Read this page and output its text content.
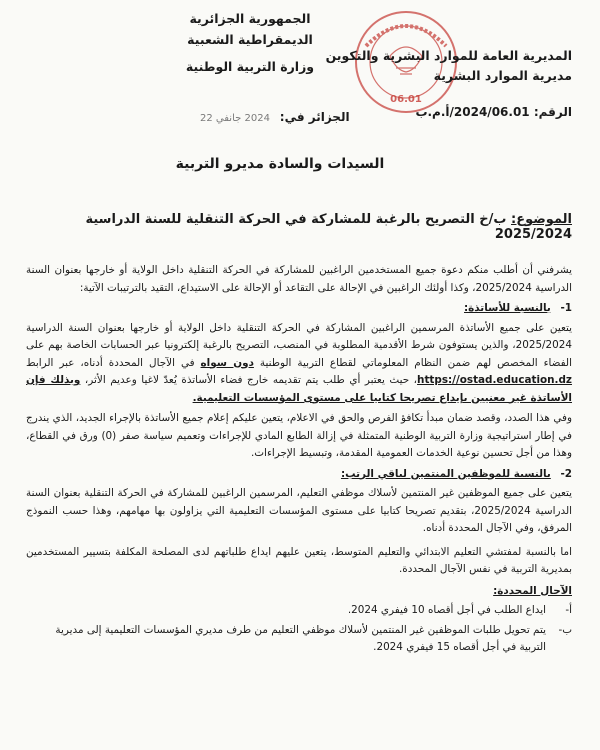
الجمهورية الجزائرية الديمقراطية الشعبية
وزارة التربية الوطنية
06.01
المديرية العامة للموارد البشرية والتكوين
مديرية الموارد البشرية
الرقم: 2024/06.01/أ.م.ب
الجزائر في: 2024 جانفي 22
السيدات والسادة مديرو التربية
الموضوع: ب/خ التصريح بالرغبة للمشاركة في الحركة التنقلية للسنة الدراسية 2025/2024

يشرفني أن أطلب منكم دعوة جميع المستخدمين الراغبين للمشاركة في الحركة التنقلية داخل الولاية أو خارجها بعنوان السنة الدراسية 2025/2024، وكذا أولئك الراغبين في الإحالة على التقاعد أو الإحالة على الاستيداع، التقيد بالترتيبات الآتية:

1- بالنسبة للأساتذة:

يتعين على جميع الأساتذة المرسمين الراغبين المشاركة في الحركة التنقلية داخل الولاية أو خارجها بعنوان السنة الدراسية 2025/2024، والذين يستوفون شرط الأقدمية المطلوبة في المنصب، التصريح بالرغبة إلكترونيا عبر الحسابات الخاصة بهم على الفضاء المخصص لهم ضمن النظام المعلوماتي لقطاع التربية الوطنية دون سواه في الآجال المحددة أدناه، عبر الرابط https://ostad.education.dz، حيث يعتبر أي طلب يتم تقديمه خارج فضاء الأساتذة يُعدّ لاغيا وعديم الأثر، وبذلك فإن الأساتذة غير معنيين بإيداع تصريحا كتابيا على مستوى المؤسسات التعليمية.

وفي هذا الصدد، وقصد ضمان مبدأ تكافؤ الفرص والحق في الاعلام، يتعين عليكم إعلام جميع الأساتذة بالإجراء الجديد، الذي يندرج في إطار استراتيجية وزارة التربية الوطنية المتمثلة في إزالة الطابع المادي للإجراءات وتعميم سياسة صفر (0) ورق في القطاع، وهذا من أجل تحسين نوعية الخدمات العمومية المقدمة، وتبسيط الإجراءات.

2- بالنسبة للموظفين المنتمين لباقي الرتب:

يتعين على جميع الموظفين غير المنتمين لأسلاك موظفي التعليم، المرسمين الراغبين للمشاركة في الحركة التنقلية بعنوان السنة الدراسية 2025/2024، بتقديم تصريحا كتابيا على مستوى المؤسسات التعليمية التي يزاولون بها مهامهم، وهذا حسب النموذج المرفق، وفي الآجال المحددة أدناه.

اما بالنسبة لمفتشي التعليم الابتدائي والتعليم المتوسط، يتعين عليهم ايداع طلباتهم لدى المصلحة المكلفة بتسيير المستخدمين بمديرية التربية في نفس الآجال المحددة.

الآجال المحددة:
أ-
ايداع الطلب في أجل أقصاه 10 فيفري 2024.
ب-
يتم تحويل طلبات الموظفين غير المنتمين لأسلاك موظفي التعليم من طرف مديري المؤسسات التعليمية إلى مديرية التربية في أجل أقصاه 15 فيفري 2024.
